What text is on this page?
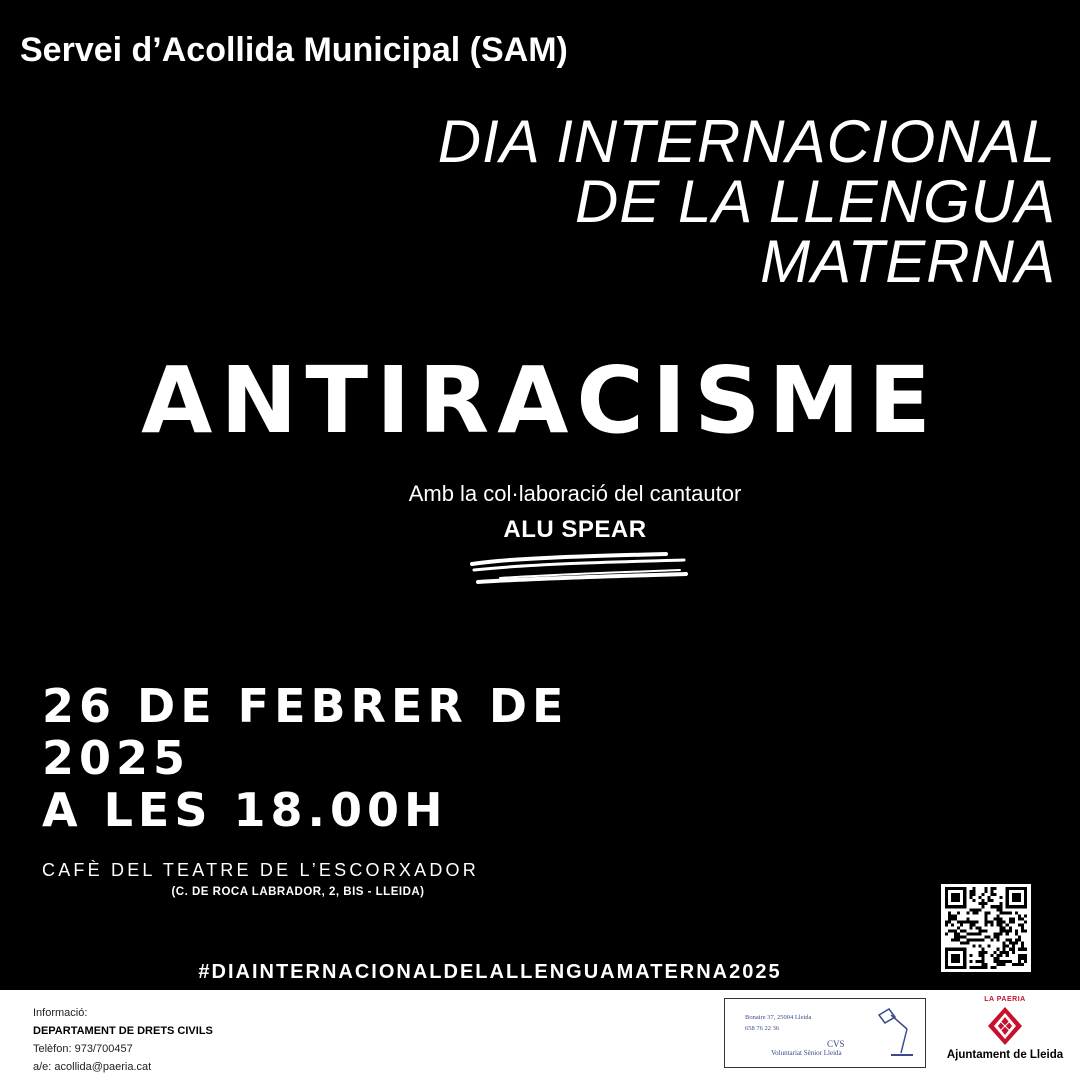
Servei d’Acollida Municipal (SAM)
DIA INTERNACIONAL
DE LA LLENGUA
MATERNA
ANTIRACISME
Amb la col·laboració del cantautor
ALU SPEAR
26 DE FEBRER DE
2025
A LES 18.00H
CAFÈ DEL TEATRE DE L’ESCORXADOR
(C. DE ROCA LABRADOR, 2, BIS - LLEIDA)
#DIAINTERNACIONALDELALLENGUAMATERNA2025
Informació:
DEPARTAMENT DE DRETS CIVILS
Telèfon: 973/700457
a/e: acollida@paeria.cat
Bonaire 37, 25004 Lleida
658 76 22 36
CVS
Voluntariat Sènior Lleida
LA PAERIA
Ajuntament de Lleida
